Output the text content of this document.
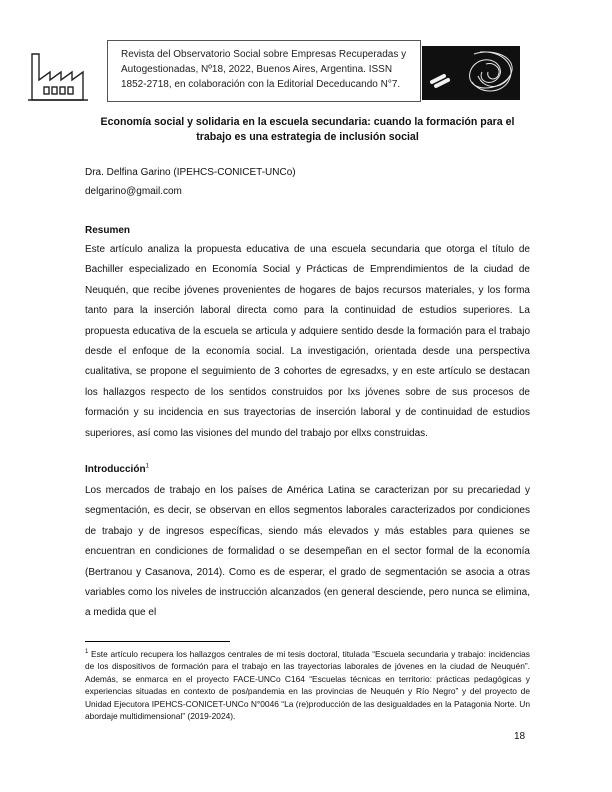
Revista del Observatorio Social sobre Empresas Recuperadas y Autogestionadas, Nº18, 2022, Buenos Aires, Argentina. ISSN 1852-2718, en colaboración con la Editorial Deceducando N°7.
Economía social y solidaria en la escuela secundaria: cuando la formación para el trabajo es una estrategia de inclusión social
Dra. Delfina Garino (IPEHCS-CONICET-UNCo)
delgarino@gmail.com
Resumen
Este artículo analiza la propuesta educativa de una escuela secundaria que otorga el título de Bachiller especializado en Economía Social y Prácticas de Emprendimientos de la ciudad de Neuquén, que recibe jóvenes provenientes de hogares de bajos recursos materiales, y los forma tanto para la inserción laboral directa como para la continuidad de estudios superiores. La propuesta educativa de la escuela se articula y adquiere sentido desde la formación para el trabajo desde el enfoque de la economía social. La investigación, orientada desde una perspectiva cualitativa, se propone el seguimiento de 3 cohortes de egresadxs, y en este artículo se destacan los hallazgos respecto de los sentidos construidos por lxs jóvenes sobre de sus procesos de formación y su incidencia en sus trayectorias de inserción laboral y de continuidad de estudios superiores, así como las visiones del mundo del trabajo por ellxs construidas.
Introducción$^1$
Los mercados de trabajo en los países de América Latina se caracterizan por su precariedad y segmentación, es decir, se observan en ellos segmentos laborales caracterizados por condiciones de trabajo y de ingresos específicas, siendo más elevados y más estables para quienes se encuentran en condiciones de formalidad o se desempeñan en el sector formal de la economía (Bertranou y Casanova, 2014). Como es de esperar, el grado de segmentación se asocia a otras variables como los niveles de instrucción alcanzados (en general desciende, pero nunca se elimina, a medida que el
$^1$ Este artículo recupera los hallazgos centrales de mi tesis doctoral, titulada “Escuela secundaria y trabajo: incidencias de los dispositivos de formación para el trabajo en las trayectorias laborales de jóvenes en la ciudad de Neuquén”. Además, se enmarca en el proyecto FACE-UNCo C164 “Escuelas técnicas en territorio: prácticas pedagógicas y experiencias situadas en contexto de pos/pandemia en las provincias de Neuquén y Río Negro” y del proyecto de Unidad Ejecutora IPEHCS-CONICET-UNCo N°0046 “La (re)producción de las desigualdades en la Patagonia Norte. Un abordaje multidimensional” (2019-2024).
18
